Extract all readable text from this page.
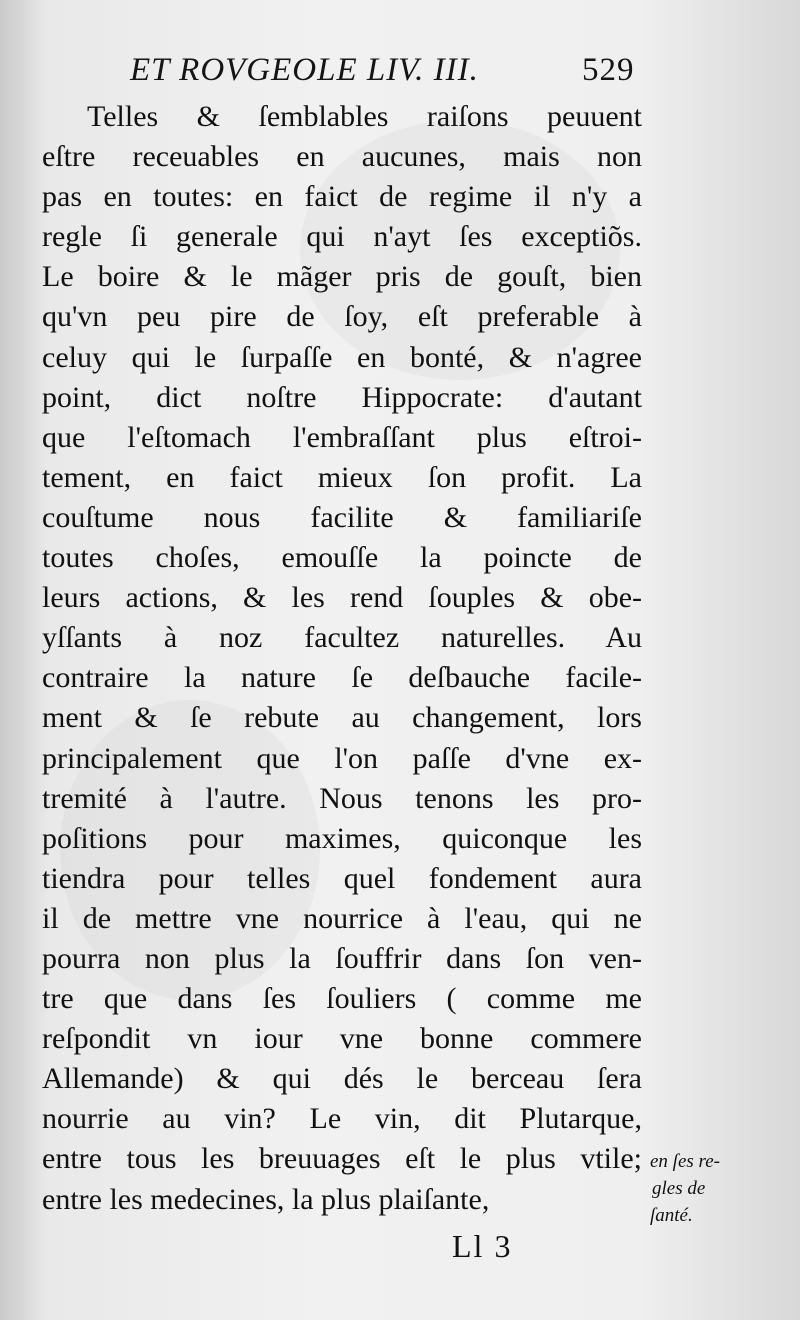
ET ROVGEOLE LIV. III.	529
Telles & ſemblables raiſons peuuent
eſtre receuables en aucunes, mais non
pas en toutes: en faict de regime il n'y a
regle ſi generale qui n'ayt ſes exceptiõs.
Le boire & le mãger pris de gouſt, bien
qu'vn peu pire de ſoy, eſt preferable à
celuy qui le ſurpaſſe en bonté, & n'agree
point, dict noſtre Hippocrate: d'autant
que l'eſtomach l'embraſſant plus eſtroi-
tement, en faict mieux ſon profit. La
couſtume nous facilite & familiariſe
toutes choſes, emouſſe la poincte de
leurs actions, & les rend ſouples & obe-
yſſants à noz facultez naturelles. Au
contraire la nature ſe deſbauche facile-
ment & ſe rebute au changement, lors
principalement que l'on paſſe d'vne ex-
tremité à l'autre. Nous tenons les pro-
poſitions pour maximes, quiconque les
tiendra pour telles quel fondement aura
il de mettre vne nourrice à l'eau, qui ne
pourra non plus la ſouffrir dans ſon ven-
tre que dans ſes ſouliers ( comme me
reſpondit vn iour vne bonne commere
Allemande) & qui dés le berceau ſera
nourrie au vin? Le vin, dit Plutarque,
entre tous les breuuages eſt le plus vtile;
entre les medecines, la plus plaiſante,
en ſes re-
gles de
ſanté.
Ll 3
